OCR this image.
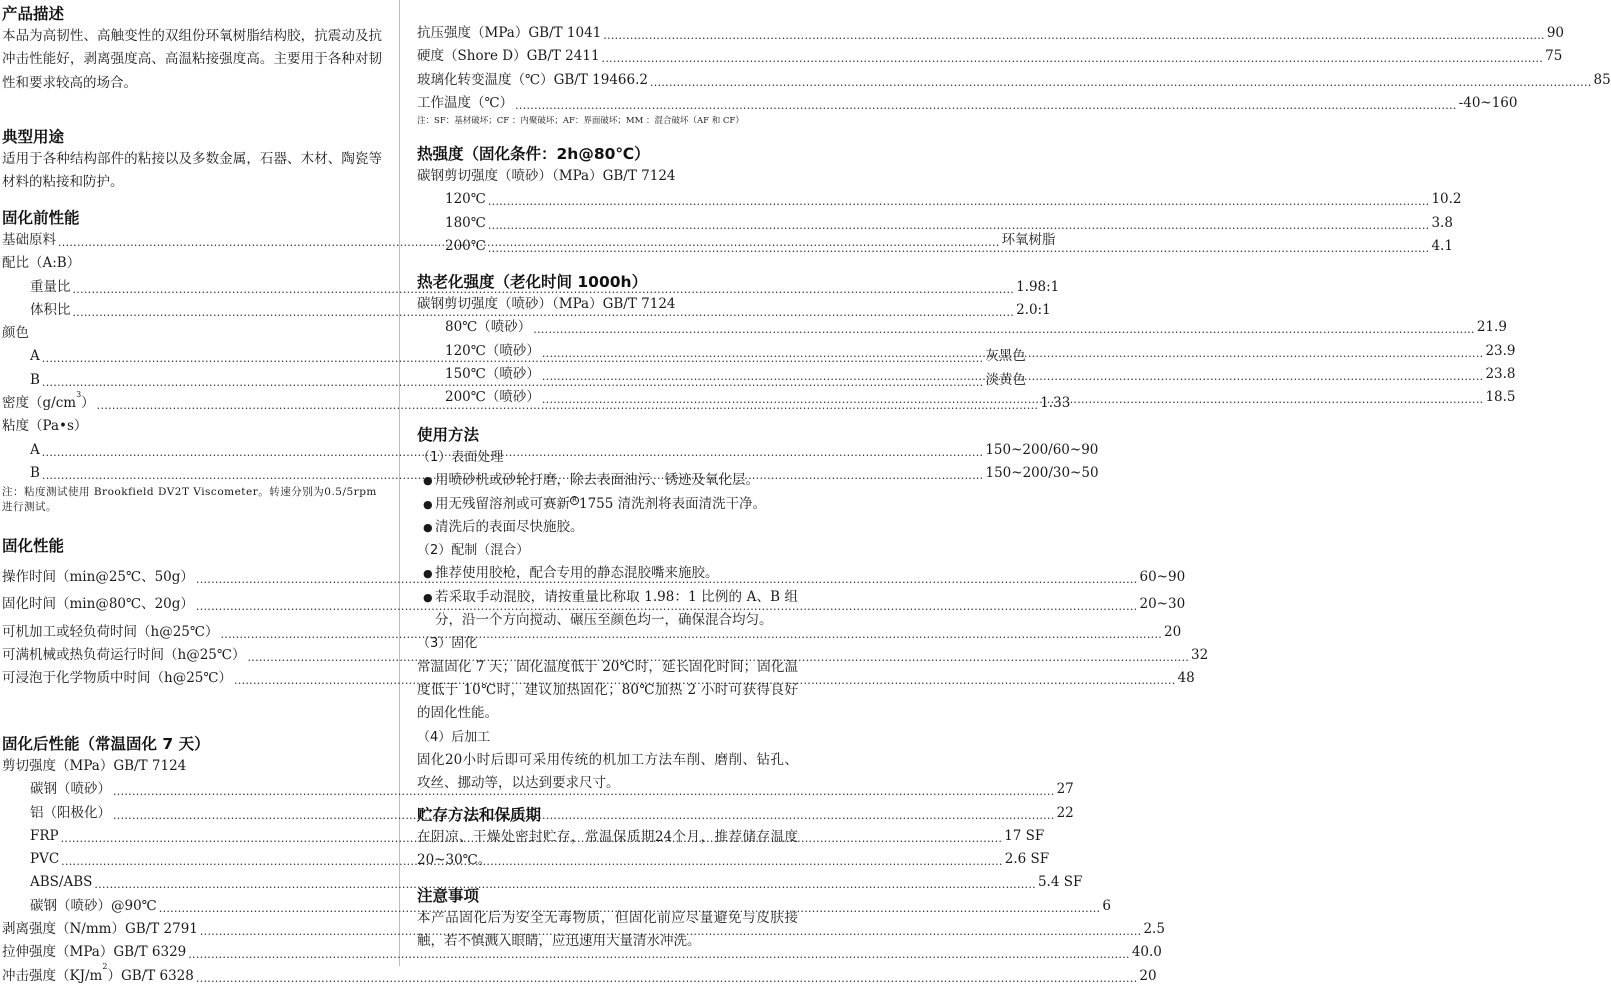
产品描述
本品为高韧性、高触变性的双组份环氧树脂结构胶，抗震动及抗冲击性能好，剥离强度高、高温粘接强度高。主要用于各种对韧性和要求较高的场合。
典型用途
适用于各种结构部件的粘接以及多数金属，石器、木材、陶瓷等材料的粘接和防护。
固化前性能
基础原料 .....	环氧树脂
配比（A:B）
重量比 .....	1.98:1
体积比 .....	2.0:1
颜色
A .....	灰黑色
B .....	淡黄色
密度$(g/cm^3)$ .....	1.33
粘度（Pa•s）
A .....	150~200/60~90
B .....	150~200/30~50
注：粘度测试使用 Brookfield DV2T Viscometer。转速分别为0.5/5rpm 进行测试。
固化性能
操作时间（min@25℃、50g） .....	60~90
固化时间（min@80℃、20g） .....	20~30
可机加工或轻负荷时间（h@25℃） .....	20
可满机械或热负荷运行时间（h@25℃） .....	32
可浸泡于化学物质中时间（h@25℃） .....	48
固化后性能（常温固化 7 天）
剪切强度（MPa）GB/T 7124
碳钢（喷砂） .....	27
铝（阳极化） .....	22
FRP .....	17 SF
PVC .....	2.6 SF
ABS/ABS .....	5.4 SF
碳钢（喷砂）@90℃ .....	6
剥离强度（N/mm）GB/T 2791 .....	2.5
拉伸强度（MPa）GB/T 6329 .....	40.0
冲击强度$(KJ/m^2)GB/T$ 6328 .....	20
抗压强度（MPa）GB/T 1041 .....	90
硬度（Shore D）GB/T 2411 .....	75
玻璃化转变温度（℃）GB/T 19466.2 .....	85
工作温度（℃） .....	-40~160
注：SF：基材破坏；CF ：内聚破坏；AF：界面破坏；MM ：混合破坏（AF 和 CF）
热强度（固化条件：2h@80℃）
碳钢剪切强度（喷砂）（MPa）GB/T 7124
120℃ .....	10.2
180℃ .....	3.8
200℃ .....	4.1
热老化强度（老化时间 1000h）
碳钢剪切强度（喷砂）（MPa）GB/T 7124
80℃（喷砂） .....	21.9
120℃（喷砂） .....	23.9
150℃（喷砂） .....	23.8
200℃（喷砂） .....	18.5
使用方法
（1）表面处理
● 用喷砂机或砂轮打磨，除去表面油污、锈迹及氧化层。
● 用无残留溶剂或可赛新 R 1755 清洗剂将表面清洗干净。
● 清洗后的表面尽快施胶。
（2）配制（混合）
● 推荐使用胶枪，配合专用的静态混胶嘴来施胶。
● 若采取手动混胶，请按重量比称取 1.98：1 比例的 A、B 组分，沿一个方向搅动、碾压至颜色均一，确保混合均匀。
（3）固化
常温固化 7 天；固化温度低于 20℃时，延长固化时间；固化温度低于 10℃时，建议加热固化；80℃加热 2 小时可获得良好的固化性能。
（4）后加工
固化20小时后即可采用传统的机加工方法车削、磨削、钻孔、攻丝、挪动等，以达到要求尺寸。
贮存方法和保质期
在阴凉、干燥处密封贮存，常温保质期24个月，推荐储存温度20~30℃。
注意事项
本产品固化后为安全无毒物质，但固化前应尽量避免与皮肤接触，若不慎溅入眼睛，应迅速用大量清水冲洗。
